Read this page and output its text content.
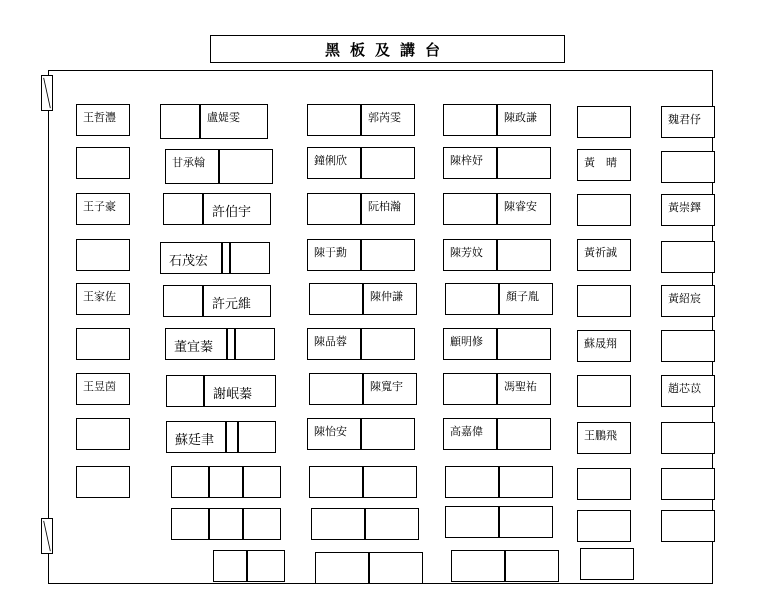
黑板及講台
王哲灃	盧媞雯	郭芮雯	陳政謙	魏君伃
甘承翰	鐘俐欣	陳梓妤	黃　晴
王子豪	許伯宇	阮柏瀚	陳睿安	黃崇鐸
石茂宏
陳于勳	陳芳妏	黃祈誠
王家佐
許元維
陳仲謙	顏子胤	黃紹宸
董宜蓁	陳品蓉	顧明修	蘇晟翔
王昱茵
謝岷蓁
陳寬宇	馮聖祐	趙芯苡
蘇廷聿
陳怡安	高嘉偉	王鵬飛
